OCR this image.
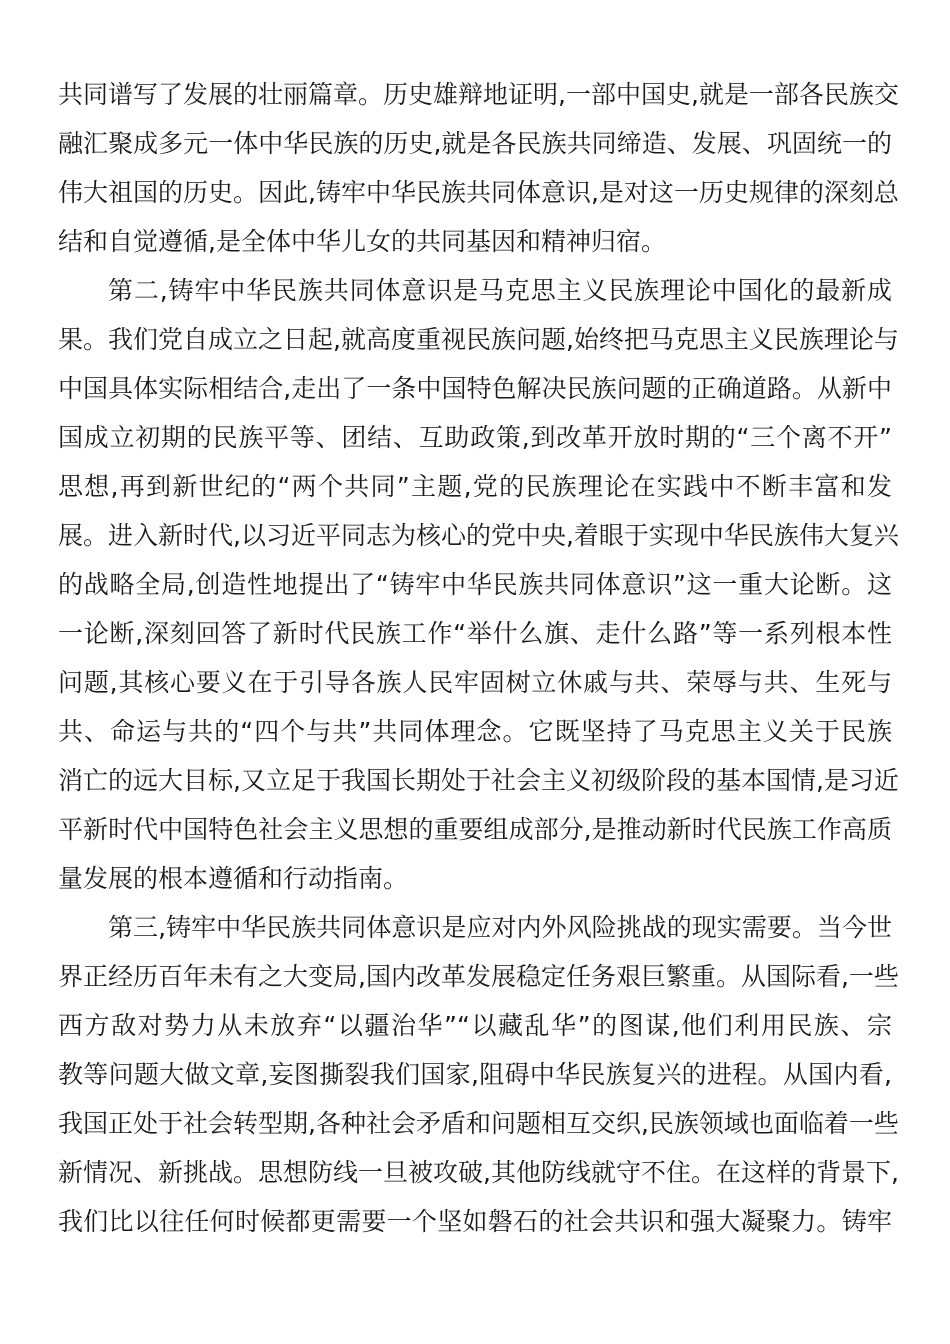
共同谱写了发展的壮丽篇章。历史雄辩地证明,一部中国史,就是一部各民族交
融汇聚成多元一体中华民族的历史,就是各民族共同缔造、发展、巩固统一的
伟大祖国的历史。因此,铸牢中华民族共同体意识,是对这一历史规律的深刻总
结和自觉遵循,是全体中华儿女的共同基因和精神归宿。
第二,铸牢中华民族共同体意识是马克思主义民族理论中国化的最新成
果。我们党自成立之日起,就高度重视民族问题,始终把马克思主义民族理论与
中国具体实际相结合,走出了一条中国特色解决民族问题的正确道路。从新中
国成立初期的民族平等、团结、互助政策,到改革开放时期的“三个离不开”
思想,再到新世纪的“两个共同”主题,党的民族理论在实践中不断丰富和发
展。进入新时代,以习近平同志为核心的党中央,着眼于实现中华民族伟大复兴
的战略全局,创造性地提出了“铸牢中华民族共同体意识”这一重大论断。这
一论断,深刻回答了新时代民族工作“举什么旗、走什么路”等一系列根本性
问题,其核心要义在于引导各族人民牢固树立休戚与共、荣辱与共、生死与
共、命运与共的“四个与共”共同体理念。它既坚持了马克思主义关于民族
消亡的远大目标,又立足于我国长期处于社会主义初级阶段的基本国情,是习近
平新时代中国特色社会主义思想的重要组成部分,是推动新时代民族工作高质
量发展的根本遵循和行动指南。
第三,铸牢中华民族共同体意识是应对内外风险挑战的现实需要。当今世
界正经历百年未有之大变局,国内改革发展稳定任务艰巨繁重。从国际看,一些
西方敌对势力从未放弃“以疆治华”“以藏乱华”的图谋,他们利用民族、宗
教等问题大做文章,妄图撕裂我们国家,阻碍中华民族复兴的进程。从国内看,
我国正处于社会转型期,各种社会矛盾和问题相互交织,民族领域也面临着一些
新情况、新挑战。思想防线一旦被攻破,其他防线就守不住。在这样的背景下,
我们比以往任何时候都更需要一个坚如磐石的社会共识和强大凝聚力。铸牢
